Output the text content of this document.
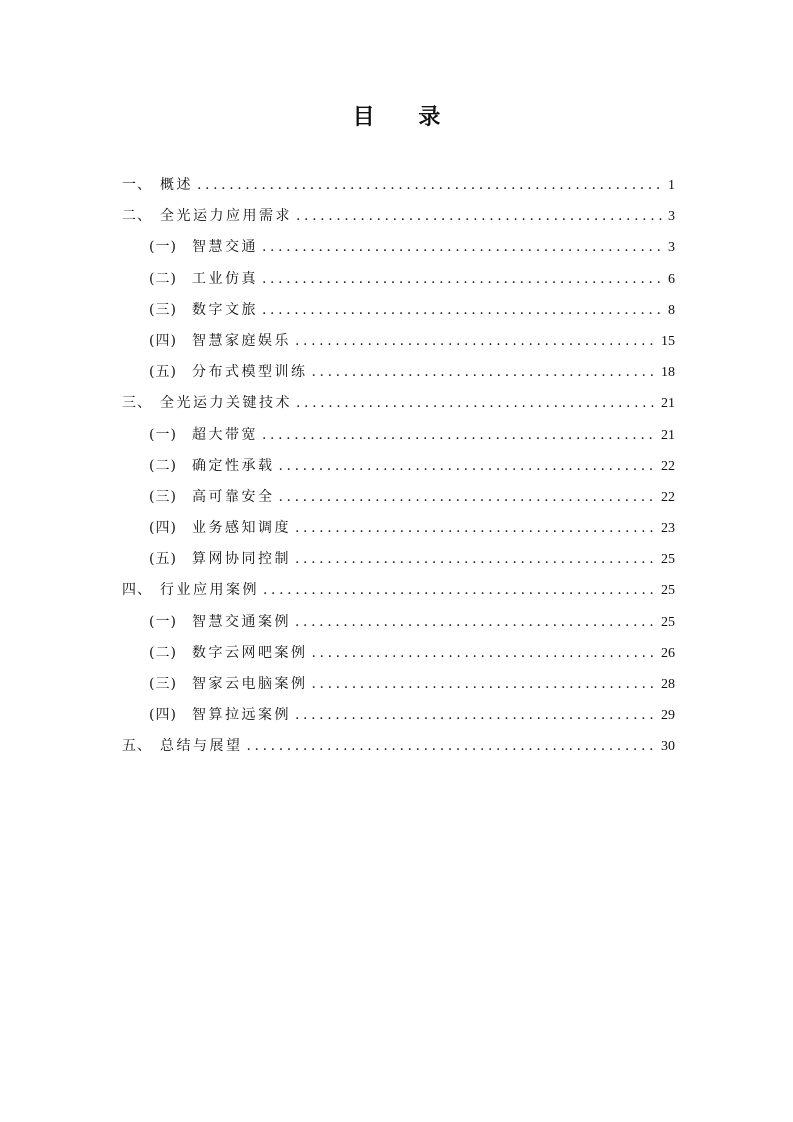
目 录
一、 概述 .....	1
二、 全光运力应用需求 .....	3
(一)	智慧交通 .....	3
(二)	工业仿真 .....	6
(三)	数字文旅 .....	8
(四)	智慧家庭娱乐 .....	15
(五)	分布式模型训练 .....	18
三、 全光运力关键技术 .....	21
(一)	超大带宽 .....	21
(二)	确定性承载 .....	22
(三)	高可靠安全 .....	22
(四)	业务感知调度 .....	23
(五)	算网协同控制 .....	25
四、 行业应用案例 .....	25
(一)	智慧交通案例 .....	25
(二)	数字云网吧案例 .....	26
(三)	智家云电脑案例 .....	28
(四)	智算拉远案例 .....	29
五、 总结与展望 .....	30
